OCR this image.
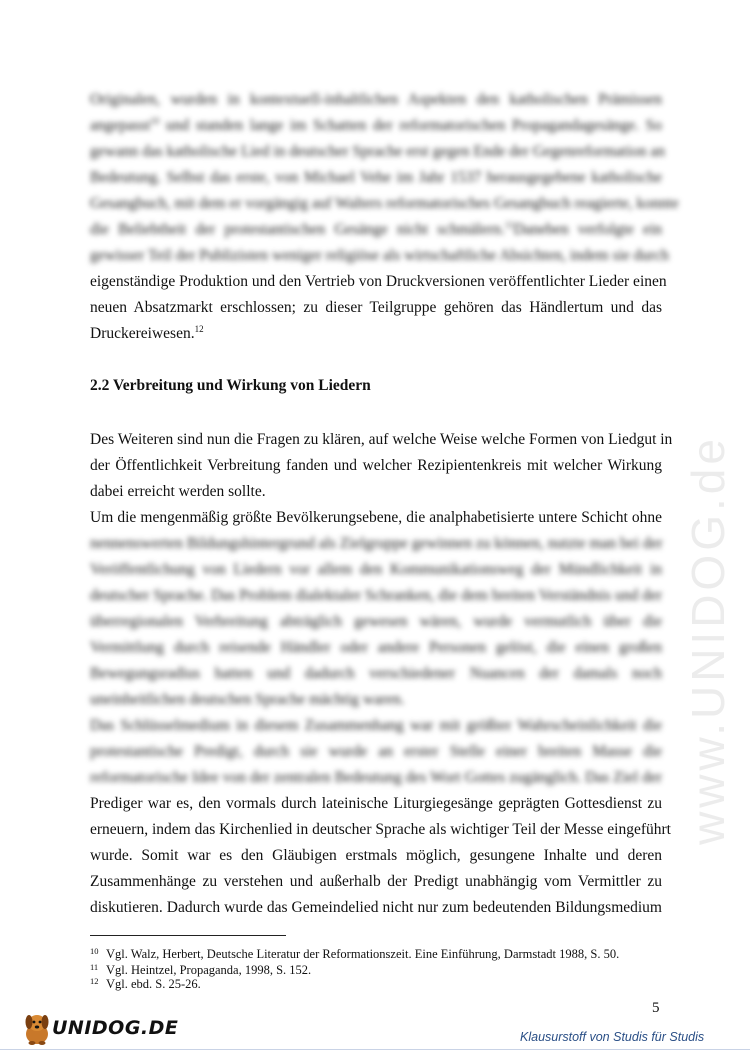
Originalen, wurden in kontextuell-inhaltlichen Aspekten den katholischen Prämissen
angepasst$^{10}$ und standen lange im Schatten der reformatorischen Propagandagesänge. So
gewann das katholische Lied in deutscher Sprache erst gegen Ende der Gegenreformation an
Bedeutung. Selbst das erste, von Michael Vehe im Jahr 1537 herausgegebene katholische
Gesangbuch, mit dem er vorgängig auf Walters reformatorisches Gesangbuch reagierte, konnte
die Beliebtheit der protestantischen Gesänge nicht schmälern.$^{11}$Daneben verfolgte ein
gewisser Teil der Publizisten weniger religiöse als wirtschaftliche Absichten, indem sie durch
eigenständige Produktion und den Vertrieb von Druckversionen veröffentlichter Lieder einen
neuen Absatzmarkt erschlossen; zu dieser Teilgruppe gehören das Händlertum und das
Druckereiwesen.$^{12}$
2.2 Verbreitung und Wirkung von Liedern
Des Weiteren sind nun die Fragen zu klären, auf welche Weise welche Formen von Liedgut in
der Öffentlichkeit Verbreitung fanden und welcher Rezipientenkreis mit welcher Wirkung
dabei erreicht werden sollte.
Um die mengenmäßig größte Bevölkerungsebene, die analphabetisierte untere Schicht ohne
nennenswerten Bildungshintergrund als Zielgruppe gewinnen zu können, nutzte man bei der
Veröffentlichung von Liedern vor allem den Kommunikationsweg der Mündlichkeit in
deutscher Sprache. Das Problem dialektaler Schranken, die dem breiten Verständnis und der
überregionalen Verbreitung abträglich gewesen wären, wurde vermutlich über die
Vermittlung durch reisende Händler oder andere Personen gelöst, die einen großen
Bewegungsradius hatten und dadurch verschiedener Nuancen der damals noch
uneinheitlichen deutschen Sprache mächtig waren.
Das Schlüsselmedium in diesem Zusammenhang war mit größter Wahrscheinlichkeit die
protestantische Predigt, durch sie wurde an erster Stelle einer breiten Masse die
reformatorische Idee von der zentralen Bedeutung des Wort Gottes zugänglich. Das Ziel der
Prediger war es, den vormals durch lateinische Liturgiegesänge geprägten Gottesdienst zu
erneuern, indem das Kirchenlied in deutscher Sprache als wichtiger Teil der Messe eingeführt
wurde. Somit war es den Gläubigen erstmals möglich, gesungene Inhalte und deren
Zusammenhänge zu verstehen und außerhalb der Predigt unabhängig vom Vermittler zu
diskutieren. Dadurch wurde das Gemeindelied nicht nur zum bedeutenden Bildungsmedium
10 Vgl. Walz, Herbert, Deutsche Literatur der Reformationszeit. Eine Einführung, Darmstadt 1988, S. 50.
11 Vgl. Heintzel, Propaganda, 1998, S. 152.
12 Vgl. ebd. S. 25-26.
5
www.UNIDOG.de
UNIDOG.DE	Klausurstoff von Studis für Studis
